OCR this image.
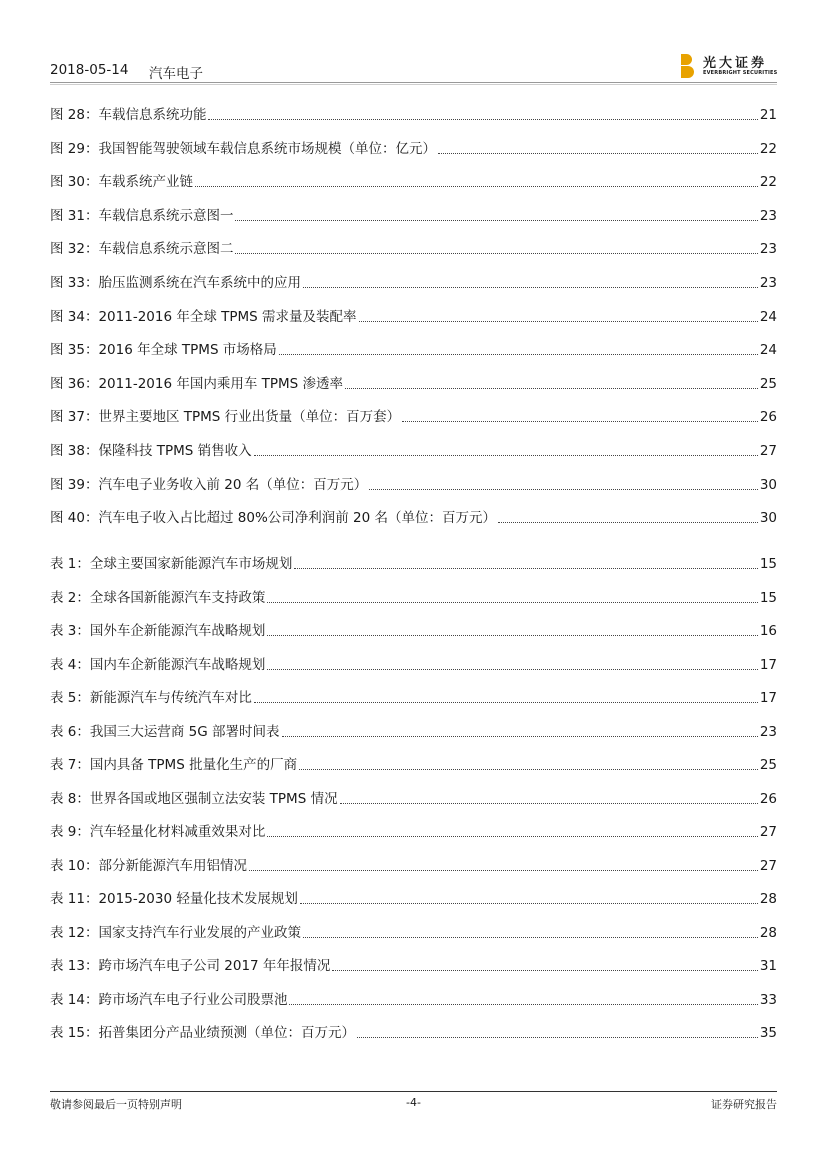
2018-05-14 汽车电子
光大证券
EVERBRIGHT SECURITIES
图 28：车载信息系统功能	21
图 29：我国智能驾驶领域车载信息系统市场规模（单位：亿元）	22
图 30：车载系统产业链	22
图 31：车载信息系统示意图一	23
图 32：车载信息系统示意图二	23
图 33：胎压监测系统在汽车系统中的应用	23
图 34：2011-2016 年全球 TPMS 需求量及装配率	24
图 35：2016 年全球 TPMS 市场格局	24
图 36：2011-2016 年国内乘用车 TPMS 渗透率	25
图 37：世界主要地区 TPMS 行业出货量（单位：百万套）	26
图 38：保隆科技 TPMS 销售收入	27
图 39：汽车电子业务收入前 20 名（单位：百万元）	30
图 40：汽车电子收入占比超过 80%公司净利润前 20 名（单位：百万元）	30
表 1：全球主要国家新能源汽车市场规划	15
表 2：全球各国新能源汽车支持政策	15
表 3：国外车企新能源汽车战略规划	16
表 4：国内车企新能源汽车战略规划	17
表 5：新能源汽车与传统汽车对比	17
表 6：我国三大运营商 5G 部署时间表	23
表 7：国内具备 TPMS 批量化生产的厂商	25
表 8：世界各国或地区强制立法安装 TPMS 情况	26
表 9：汽车轻量化材料减重效果对比	27
表 10：部分新能源汽车用铝情况	27
表 11：2015-2030 轻量化技术发展规划	28
表 12：国家支持汽车行业发展的产业政策	28
表 13：跨市场汽车电子公司 2017 年年报情况	31
表 14：跨市场汽车电子行业公司股票池	33
表 15：拓普集团分产品业绩预测（单位：百万元）	35
敬请参阅最后一页特别声明	-4-	证券研究报告
